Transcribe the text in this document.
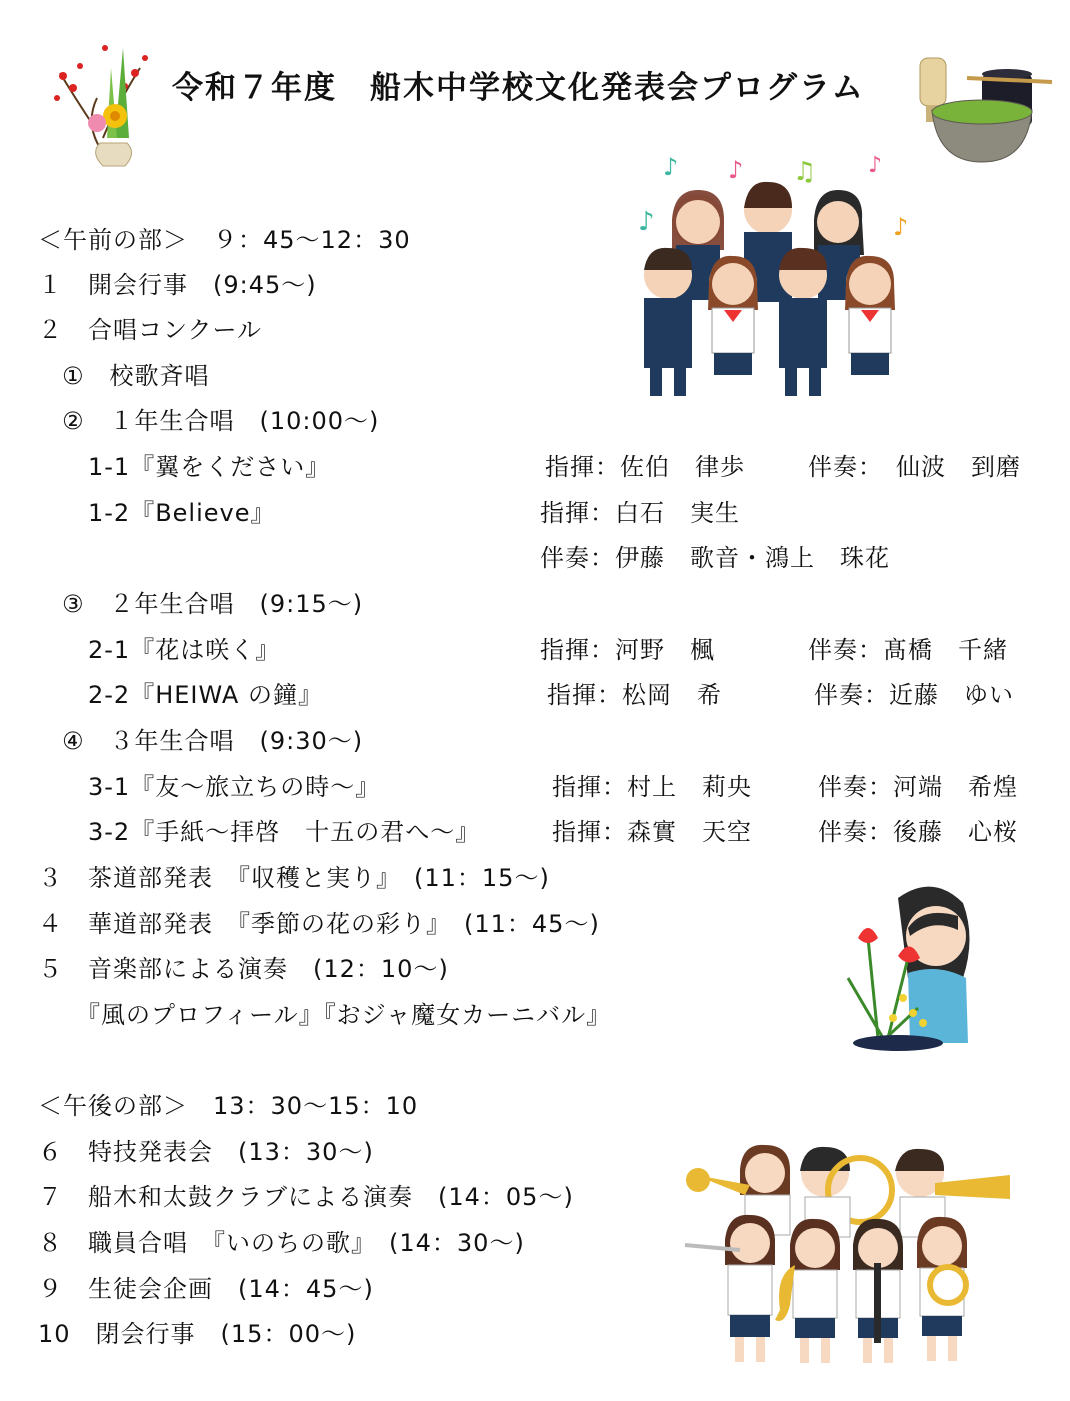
令和７年度　船木中学校文化発表会プログラム
♪
♪ ♪	♪
♫
♪
＜午前の部＞　９：45～12：30
１　開会行事　(9:45～)
２　合唱コンクール
①　校歌斉唱
②　１年生合唱　(10:00～)
1-1『翼をください』	指揮：佐伯　律歩	伴奏：　仙波　到磨
1-2『Believe』	指揮：白石　実生
伴奏：伊藤　歌音・鴻上　珠花
③　２年生合唱　(9:15～)
2-1『花は咲く』	指揮：河野　楓	伴奏：髙橋　千緒
2-2『HEIWA の鐘』	指揮：松岡　希	伴奏：近藤　ゆい
④　３年生合唱　(9:30～)
3-1『友～旅立ちの時～』	指揮：村上　莉央	伴奏：河端　希煌
3-2『手紙～拝啓　十五の君へ～』	指揮：森實　天空	伴奏：後藤　心桜
３　茶道部発表　『収穫と実り』　(11：15～)
４　華道部発表　『季節の花の彩り』　(11：45～)
５　音楽部による演奏　(12：10～)
『風のプロフィール』『おジャ魔女カーニバル』
＜午後の部＞　13：30～15：10
６　特技発表会　(13：30～)
７　船木和太鼓クラブによる演奏　(14：05～)
８　職員合唱　『いのちの歌』　(14：30～)
９　生徒会企画　(14：45～)
10　閉会行事　(15：00～)
